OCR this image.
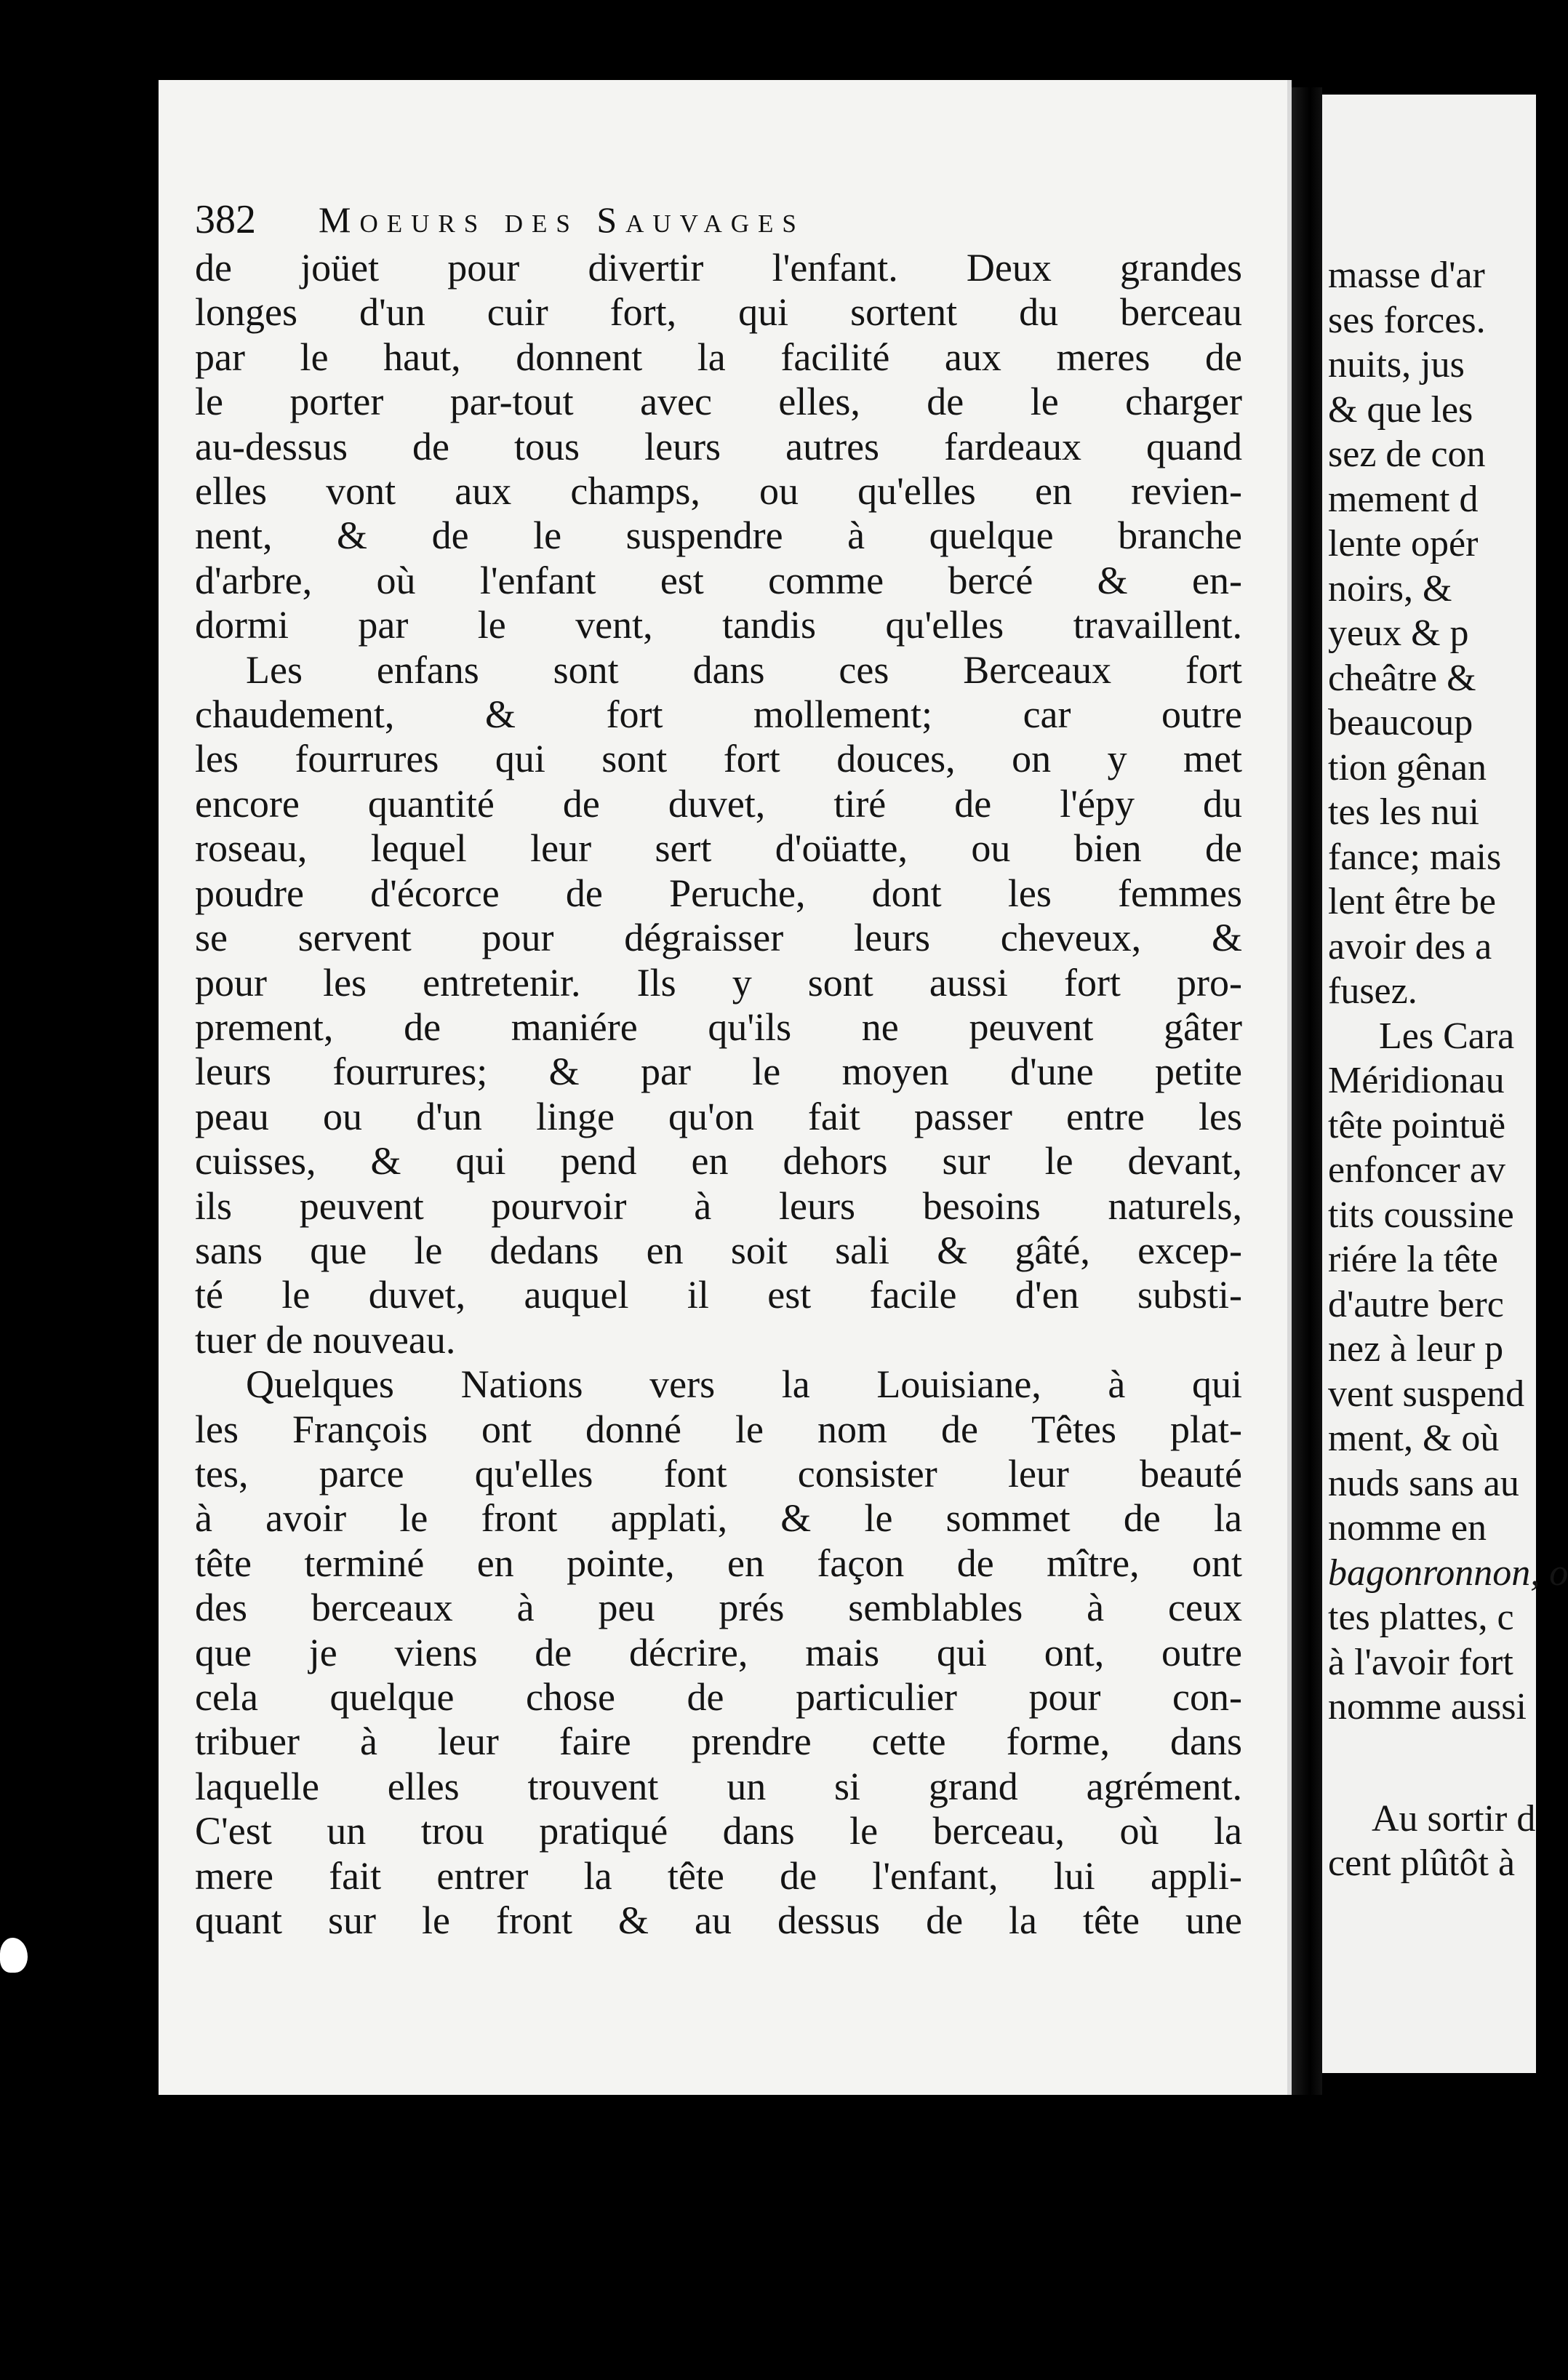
382 Moeurs des Sauvages
de joüet pour divertir l'enfant. Deux grandes
longes d'un cuir fort, qui sortent du berceau
par le haut, donnent la facilité aux meres de
le porter par-tout avec elles, de le charger
au-dessus de tous leurs autres fardeaux quand
elles vont aux champs, ou qu'elles en revien-
nent, & de le suspendre à quelque branche
d'arbre, où l'enfant est comme bercé & en-
dormi par le vent, tandis qu'elles travaillent.
Les enfans sont dans ces Berceaux fort
chaudement, & fort mollement; car outre
les fourrures qui sont fort douces, on y met
encore quantité de duvet, tiré de l'épy du
roseau, lequel leur sert d'oüatte, ou bien de
poudre d'écorce de Peruche, dont les femmes
se servent pour dégraisser leurs cheveux, &
pour les entretenir. Ils y sont aussi fort pro-
prement, de maniére qu'ils ne peuvent gâter
leurs fourrures; & par le moyen d'une petite
peau ou d'un linge qu'on fait passer entre les
cuisses, & qui pend en dehors sur le devant,
ils peuvent pourvoir à leurs besoins naturels,
sans que le dedans en soit sali & gâté, excep-
té le duvet, auquel il est facile d'en substi-
tuer de nouveau.
Quelques Nations vers la Louisiane, à qui
les François ont donné le nom de Têtes plat-
tes, parce qu'elles font consister leur beauté
à avoir le front applati, & le sommet de la
tête terminé en pointe, en façon de mître, ont
des berceaux à peu prés semblables à ceux
que je viens de décrire, mais qui ont, outre
cela quelque chose de particulier pour con-
tribuer à leur faire prendre cette forme, dans
laquelle elles trouvent un si grand agrément.
C'est un trou pratiqué dans le berceau, où la
mere fait entrer la tête de l'enfant, lui appli-
quant sur le front & au dessus de la tête une
masse d'ar
ses forces.
nuits, jus
& que les
sez de con
mement d
lente opér
noirs, &
yeux & p
cheâtre &
beaucoup
tion gênan
tes les nui
fance; mais
lent être be
avoir des a
fusez.
Les Cara
Méridionau
tête pointuë
enfoncer av
tits coussine
riére la tête
d'autre berc
nez à leur p
vent suspend
ment, & où
nuds sans au
nomme en
bagonronnon, o
tes plattes, c
à l'avoir fort
nomme aussi
Au sortir d
cent plûtôt à
